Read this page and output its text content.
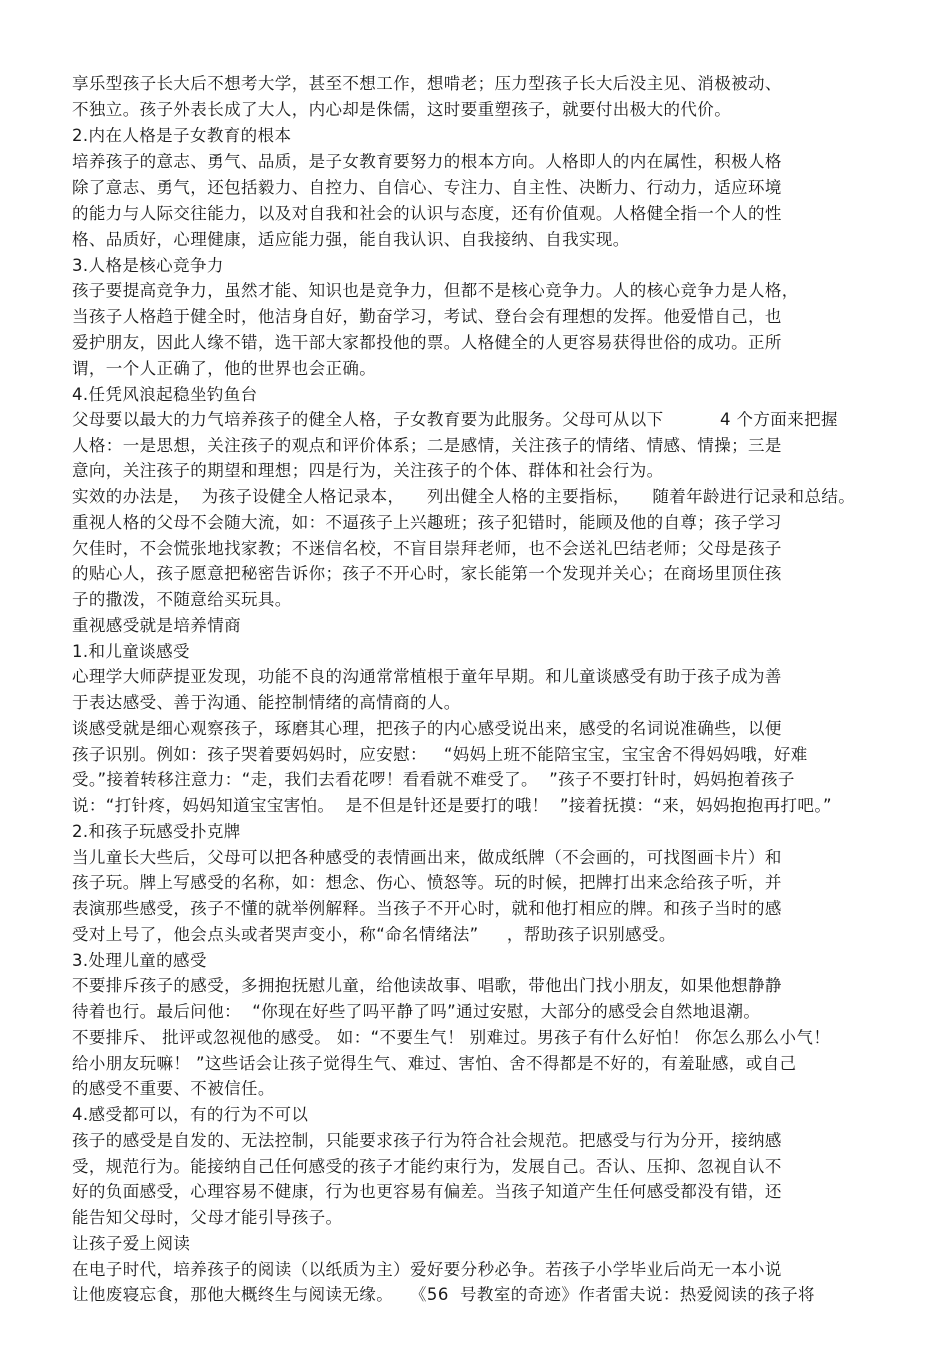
享乐型孩子长大后不想考大学，甚至不想工作，想啃老；压力型孩子长大后没主见、消极被动、
不独立。孩子外表长成了大人，内心却是侏儒，这时要重塑孩子，就要付出极大的代价。
2.内在人格是子女教育的根本
培养孩子的意志、勇气、品质，是子女教育要努力的根本方向。人格即人的内在属性，积极人格
除了意志、勇气，还包括毅力、自控力、自信心、专注力、自主性、决断力、行动力，适应环境
的能力与人际交往能力，以及对自我和社会的认识与态度，还有价值观。人格健全指一个人的性
格、品质好，心理健康，适应能力强，能自我认识、自我接纳、自我实现。
3.人格是核心竞争力
孩子要提高竞争力，虽然才能、知识也是竞争力，但都不是核心竞争力。人的核心竞争力是人格，
当孩子人格趋于健全时，他洁身自好，勤奋学习，考试、登台会有理想的发挥。他爱惜自己，也
爱护朋友，因此人缘不错，选干部大家都投他的票。人格健全的人更容易获得世俗的成功。正所
谓，一个人正确了，他的世界也会正确。
4.任凭风浪起稳坐钓鱼台
父母要以最大的力气培养孩子的健全人格，子女教育要为此服务。父母可从以下          4 个方面来把握
人格：一是思想，关注孩子的观点和评价体系；二是感情，关注孩子的情绪、情感、情操；三是
意向，关注孩子的期望和理想；四是行为，关注孩子的个体、群体和社会行为。
实效的办法是，  为孩子设健全人格记录本，    列出健全人格的主要指标，    随着年龄进行记录和总结。
重视人格的父母不会随大流，如：不逼孩子上兴趣班；孩子犯错时，能顾及他的自尊；孩子学习
欠佳时，不会慌张地找家教；不迷信名校，不盲目崇拜老师，也不会送礼巴结老师；父母是孩子
的贴心人，孩子愿意把秘密告诉你；孩子不开心时，家长能第一个发现并关心；在商场里顶住孩
子的撒泼，不随意给买玩具。
重视感受就是培养情商
1.和儿童谈感受
心理学大师萨提亚发现，功能不良的沟通常常植根于童年早期。和儿童谈感受有助于孩子成为善
于表达感受、善于沟通、能控制情绪的高情商的人。
谈感受就是细心观察孩子，琢磨其心理，把孩子的内心感受说出来，感受的名词说准确些，以便
孩子识别。例如：孩子哭着要妈妈时，应安慰：   “妈妈上班不能陪宝宝，宝宝舍不得妈妈哦，好难
受。”接着转移注意力：“走，我们去看花啰！看看就不难受了。  ”孩子不要打针时，妈妈抱着孩子
说：“打针疼，妈妈知道宝宝害怕。  是不但是针还是要打的哦！  ”接着抚摸：“来，妈妈抱抱再打吧。”
2.和孩子玩感受扑克牌
当儿童长大些后，父母可以把各种感受的表情画出来，做成纸牌（不会画的，可找图画卡片）和
孩子玩。牌上写感受的名称，如：想念、伤心、愤怒等。玩的时候，把牌打出来念给孩子听，并
表演那些感受，孩子不懂的就举例解释。当孩子不开心时，就和他打相应的牌。和孩子当时的感
受对上号了，他会点头或者哭声变小，称“命名情绪法”     ，帮助孩子识别感受。
3.处理儿童的感受
不要排斥孩子的感受，多拥抱抚慰儿童，给他读故事、唱歌，带他出门找小朋友，如果他想静静
待着也行。最后问他：  “你现在好些了吗平静了吗”通过安慰，大部分的感受会自然地退潮。
不要排斥、 批评或忽视他的感受。 如：“不要生气！ 别难过。男孩子有什么好怕！ 你怎么那么小气！
给小朋友玩嘛！ ”这些话会让孩子觉得生气、难过、害怕、舍不得都是不好的，有羞耻感，或自己
的感受不重要、不被信任。
4.感受都可以，有的行为不可以
孩子的感受是自发的、无法控制，只能要求孩子行为符合社会规范。把感受与行为分开，接纳感
受，规范行为。能接纳自己任何感受的孩子才能约束行为，发展自己。否认、压抑、忽视自认不
好的负面感受，心理容易不健康，行为也更容易有偏差。当孩子知道产生任何感受都没有错，还
能告知父母时，父母才能引导孩子。
让孩子爱上阅读
在电子时代，培养孩子的阅读（以纸质为主）爱好要分秒必争。若孩子小学毕业后尚无一本小说
让他废寝忘食，那他大概终生与阅读无缘。   《56  号教室的奇迹》作者雷夫说：热爱阅读的孩子将
